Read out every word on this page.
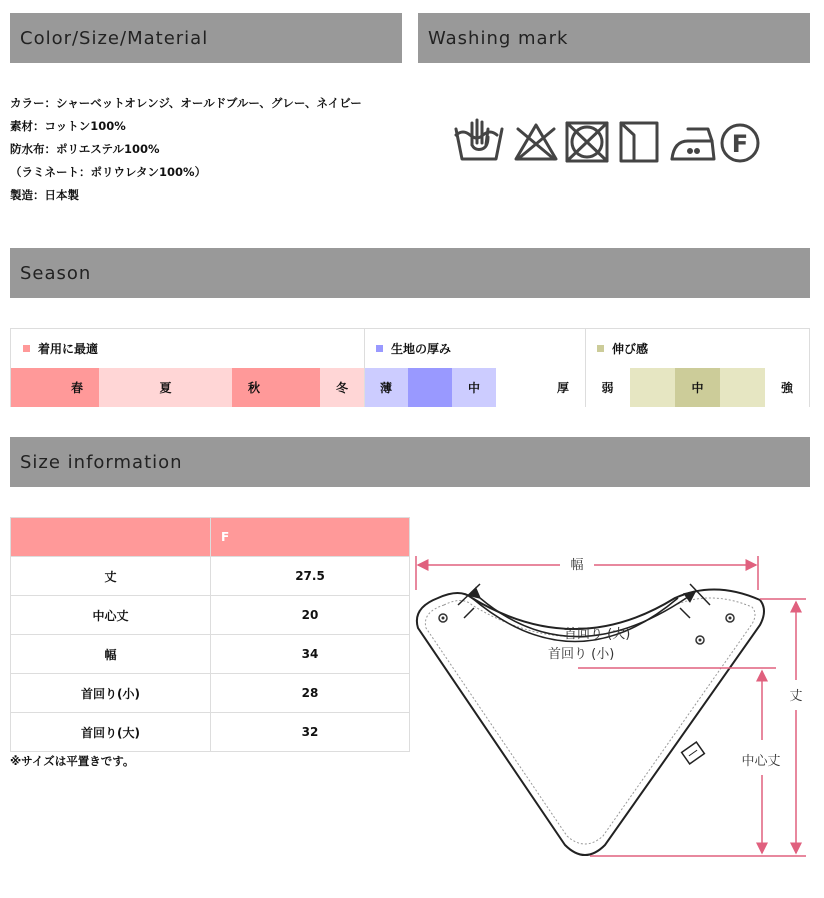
Color/Size/Material	Washing mark
Season
Size information
カラー：シャーベットオレンジ、オールドブルー、グレー、ネイビー
素材：コットン100%
防水布：ポリエステル100%
（ラミネート：ポリウレタン100%）
製造：日本製
F
着用に最適	生地の厚み	伸び感
春	夏	秋	冬	薄	中	厚	弱	中	強
	F
丈	27.5
中心丈	20
幅	34
首回り(小)	28
首回り(大)	32
※サイズは平置きです。
幅
首回り (大)
首回り (小)
丈
中心丈
